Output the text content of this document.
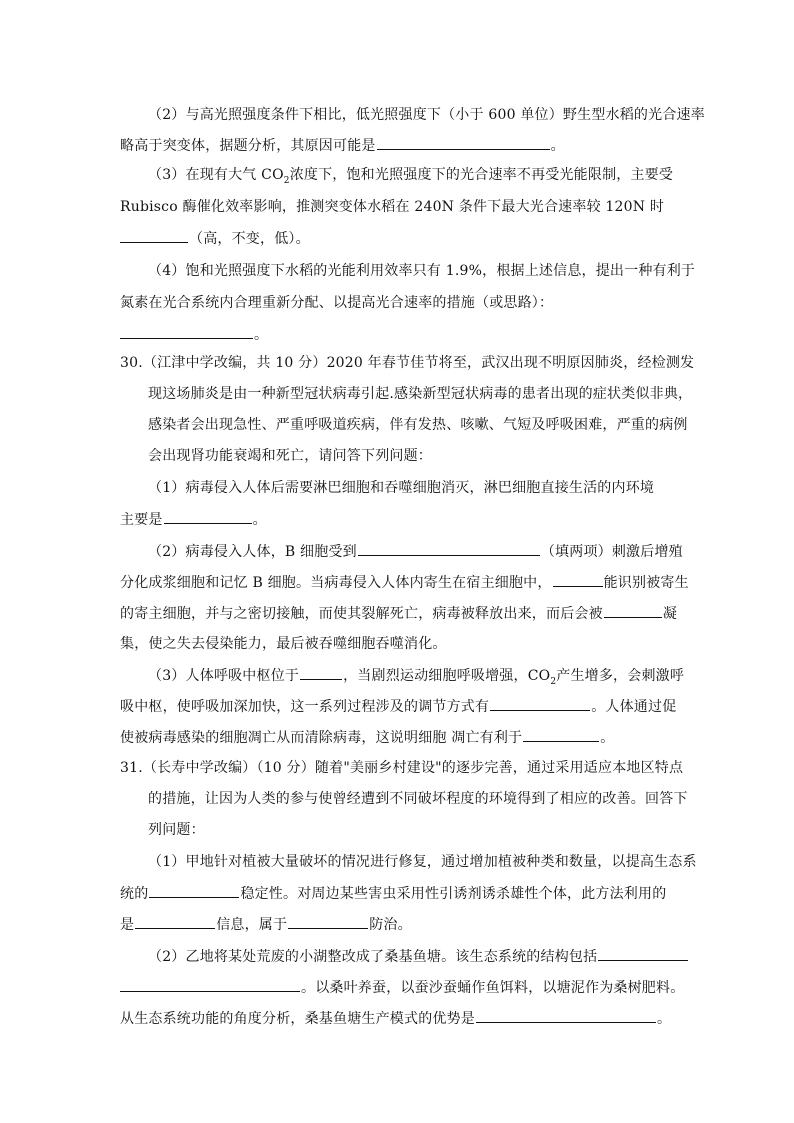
（2）与高光照强度条件下相比，低光照强度下（小于 600 单位）野生型水稻的光合速率
略高于突变体，据题分析，其原因可能是	。
（3）在现有大气 $CO_2$浓度下，饱和光照强度下的光合速率不再受光能限制，主要受
Rubisco 酶催化效率影响，推测突变体水稻在 240N 条件下最大光合速率较 120N 时
（高，不变，低）。
（4）饱和光照强度下水稻的光能利用效率只有 1.9%，根据上述信息，提出一种有利于
氮素在光合系统内合理重新分配、以提高光合速率的措施（或思路）：
。
30.（江津中学改编，共 10 分）2020 年春节佳节将至，武汉出现不明原因肺炎，经检测发
现这场肺炎是由一种新型冠状病毒引起.感染新型冠状病毒的患者出现的症状类似非典，
感染者会出现急性、严重呼吸道疾病，伴有发热、咳嗽、气短及呼吸困难，严重的病例
会出现肾功能衰竭和死亡，请问答下列问题：
（1）病毒侵入人体后需要淋巴细胞和吞噬细胞消灭，淋巴细胞直接生活的内环境
主要是	。
（2）病毒侵入人体，B 细胞受到	（填两项）刺激后增殖
分化成浆细胞和记忆 B 细胞。当病毒侵入人体内寄生在宿主细胞中，	能识别被寄生
的寄主细胞，并与之密切接触，而使其裂解死亡，病毒被释放出来，而后会被	凝
集，使之失去侵染能力，最后被吞噬细胞吞噬消化。
（3）人体呼吸中枢位于	，当剧烈运动细胞呼吸增强，$CO_2$产生增多，会刺激呼
吸中枢，使呼吸加深加快，这一系列过程涉及的调节方式有	。人体通过促
使被病毒感染的细胞凋亡从而清除病毒，这说明细胞 凋亡有利于	。
31.（长寿中学改编）（10 分）随着"美丽乡村建设"的逐步完善，通过采用适应本地区特点
的措施，让因为人类的参与使曾经遭到不同破坏程度的环境得到了相应的改善。回答下
列问题：
（1）甲地针对植被大量破坏的情况进行修复，通过增加植被种类和数量，以提高生态系
统的	稳定性。对周边某些害虫采用性引诱剂诱杀雄性个体，此方法利用的
是	信息，属于	防治。
（2）乙地将某处荒废的小湖整改成了桑基鱼塘。该生态系统的结构包括
。以桑叶养蚕，以蚕沙蚕蛹作鱼饵料，以塘泥作为桑树肥料。
从生态系统功能的角度分析，桑基鱼塘生产模式的优势是	。
